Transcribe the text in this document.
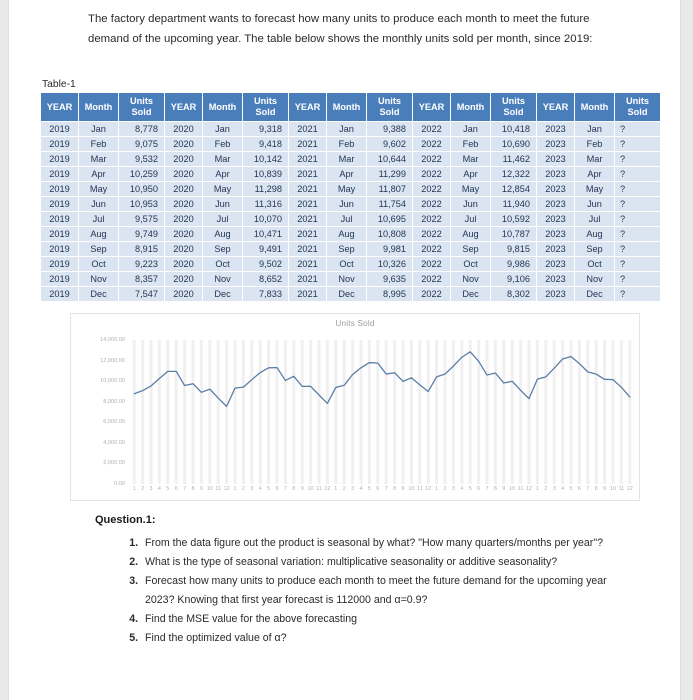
The factory department wants to forecast how many units to produce each month to meet the future demand of the upcoming year. The table below shows the monthly units sold per month, since 2019:
Table-1
YEAR	Month	Units Sold	YEAR	Month	Units Sold	YEAR	Month	Units Sold	YEAR	Month	Units Sold	YEAR	Month	Units Sold
2019	Jan	8,778	2020	Jan	9,318	2021	Jan	9,388	2022	Jan	10,418	2023	Jan	?
2019	Feb	9,075	2020	Feb	9,418	2021	Feb	9,602	2022	Feb	10,690	2023	Feb	?
2019	Mar	9,532	2020	Mar	10,142	2021	Mar	10,644	2022	Mar	11,462	2023	Mar	?
2019	Apr	10,259	2020	Apr	10,839	2021	Apr	11,299	2022	Apr	12,322	2023	Apr	?
2019	May	10,950	2020	May	11,298	2021	May	11,807	2022	May	12,854	2023	May	?
2019	Jun	10,953	2020	Jun	11,316	2021	Jun	11,754	2022	Jun	11,940	2023	Jun	?
2019	Jul	9,575	2020	Jul	10,070	2021	Jul	10,695	2022	Jul	10,592	2023	Jul	?
2019	Aug	9,749	2020	Aug	10,471	2021	Aug	10,808	2022	Aug	10,787	2023	Aug	?
2019	Sep	8,915	2020	Sep	9,491	2021	Sep	9,981	2022	Sep	9,815	2023	Sep	?
2019	Oct	9,223	2020	Oct	9,502	2021	Oct	10,326	2022	Oct	9,986	2023	Oct	?
2019	Nov	8,357	2020	Nov	8,652	2021	Nov	9,635	2022	Nov	9,106	2023	Nov	?
2019	Dec	7,547	2020	Dec	7,833	2021	Dec	8,995	2022	Dec	8,302	2023	Dec	?
Units Sold
0.00
2,000.00
4,000.00
6,000.00
8,000.00
10,000.00
12,000.00
14,000.00
1 2 3 4 5 6 7 8 9 10 11 12 1 2 3 4 5 6 7 8 9 10 11 12 1 2 3 4 5 6 7 8 9 10 11 12 1 2 3 4 5 6 7 8 9 10 11 12 1 2 3 4 5 6 7 8 9 10 11 12
Question.1:
1. From the data figure out the product is seasonal by what? "How many quarters/months per year"?
2. What is the type of seasonal variation: multiplicative seasonality or additive seasonality?
3. Forecast how many units to produce each month to meet the future demand for the upcoming year 2023? Knowing that first year forecast is 112000 and α=0.9?
4. Find the MSE value for the above forecasting
5. Find the optimized value of α?
